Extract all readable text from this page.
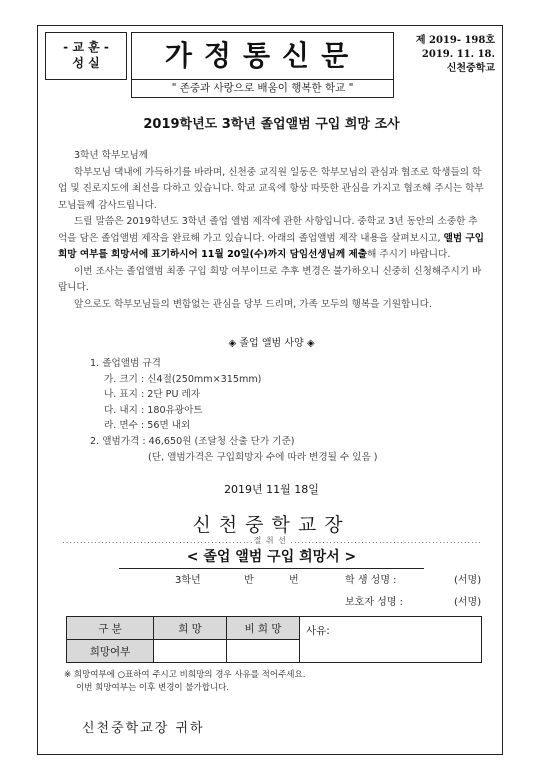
- 교 훈 -
성 실	가정통신문	제 2019- 198호
2019. 11. 18.
신천중학교
" 존중과 사랑으로 배움이 행복한 학교 "
2019학년도 3학년 졸업앨범 구입 희망 조사

3학년 학부모님께

학부모님 댁내에 가득하기를 바라며, 신천중 교직원 일동은 학부모님의 관심과 협조로 학생들의 학업 및 진로지도에 최선을 다하고 있습니다. 학교 교육에 항상 따뜻한 관심을 가지고 협조해 주시는 학부모님들께 감사드립니다.

드릴 말씀은 2019학년도 3학년 졸업 앨범 제작에 관한 사항입니다. 중학교 3년 동안의 소중한 추억을 담은 졸업앨범 제작을 완료해 가고 있습니다. 아래의 졸업앨범 제작 내용을 살펴보시고, 앨범 구입 희망 여부를 희망서에 표기하시어 11월 20일(수)까지 담임선생님께 제출해 주시기 바랍니다.

이번 조사는 졸업앨범 최종 구입 희망 여부이므로 추후 변경은 불가하오니 신중히 신청해주시기 바랍니다.

앞으로도 학부모님들의 변함없는 관심을 당부 드리며, 가족 모두의 행복을 기원합니다.

◈ 졸업 앨범 사양 ◈
1. 졸업앨범 규격
가. 크기 : 신4절(250mm×315mm)
나. 표지 : 2단 PU 레자
다. 내지 : 180유광아트
라. 면수 : 56면 내외
2. 앨범가격 : 46,650원 (조달청 산출 단가 기준)
(단, 앨범가격은 구입희망자 수에 따라 변경될 수 있음 )
2019년 11월 18일
신천중학교장
......................................................절 취 선 ......................................................
< 졸업 앨범 구입 희망서 >
3학년	반	번	학 생 성명 :	(서명)
보호자 성명 :	(서명)
구 분	희 망	비 희 망	사유:
희망여부			
※ 희망여부에 ○표하여 주시고 비희망의 경우 사유를 적어주세요.
이번 희망여부는 이후 변경이 불가합니다.
신천중학교장 귀하
